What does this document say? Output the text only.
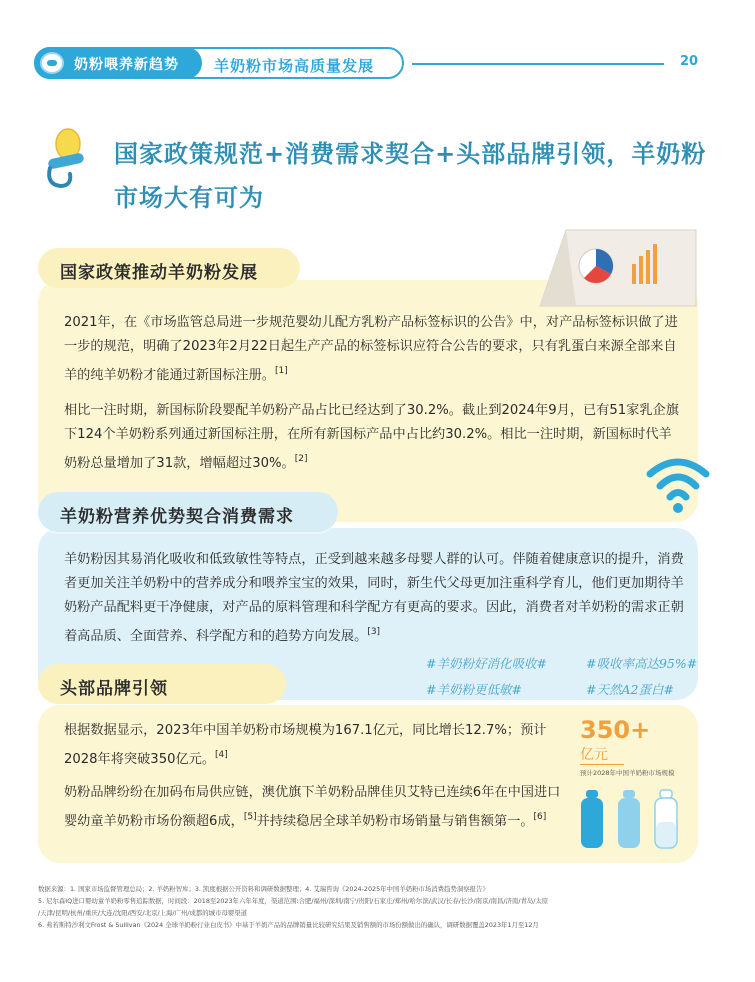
羊奶粉市场高质量发展
奶粉喂养新趋势	20
国家政策规范+消费需求契合+头部品牌引领，羊奶粉市场大有可为
国家政策推动羊奶粉发展
2021年，在《市场监管总局进一步规范婴幼儿配方乳粉产品标签标识的公告》中，对产品标签标识做了进一步的规范，明确了2023年2月22日起生产产品的标签标识应符合公告的要求，只有乳蛋白来源全部来自羊的纯羊奶粉才能通过新国标注册。[1]
相比一注时期，新国标阶段婴配羊奶粉产品占比已经达到了30.2%。截止到2024年9月，已有51家乳企旗下124个羊奶粉系列通过新国标注册，在所有新国标产品中占比约30.2%。相比一注时期，新国标时代羊奶粉总量增加了31款，增幅超过30%。[2]
羊奶粉营养优势契合消费需求
羊奶粉因其易消化吸收和低致敏性等特点，正受到越来越多母婴人群的认可。伴随着健康意识的提升，消费者更加关注羊奶粉中的营养成分和喂养宝宝的效果，同时，新生代父母更加注重科学育儿，他们更加期待羊奶粉产品配料更干净健康，对产品的原料管理和科学配方有更高的要求。因此，消费者对羊奶粉的需求正朝着高品质、全面营养、科学配方和的趋势方向发展。[3]
#羊奶粉好消化吸收#	#吸收率高达95%#
#羊奶粉更低敏#	#天然A2蛋白#
头部品牌引领
根据数据显示，2023年中国羊奶粉市场规模为167.1亿元，同比增长12.7%；预计2028年将突破350亿元。[4]
奶粉品牌纷纷在加码布局供应链，澳优旗下羊奶粉品牌佳贝艾特已连续6年在中国进口婴幼童羊奶粉市场份额超6成，[5]并持续稳居全球羊奶粉市场销量与销售额第一。[6]
350+
亿元
预计2028年中国羊奶粉市场规模
数据来源：1. 国家市场监督管理总局；2. 羊奶粉智库；3. 凯度根据公开资料和调研数据整理；4. 艾瑞咨询《2024-2025年中国羊奶粉市场消费趋势洞察报告》
5. 尼尔森IQ进口婴幼童羊奶粉零售追踪数据，时间段：2018至2023年六年年度，渠道范围:合肥/福州/深圳/南宁/贵阳/石家庄/郑州/哈尔滨/武汉/长春/长沙/南京/南昌/济南/青岛/太原
/天津/昆明/杭州/重庆/大连/沈阳/西安/北京/上海/广州/成都的城市母婴渠道
6. 弗若斯特沙利文Frost & Sullivan《2024 全球羊奶粉行业白皮书》中基于羊奶产品的品牌销量比较研究结果及销售额的市场份额做出的确认，调研数据覆盖2023年1月至12月
